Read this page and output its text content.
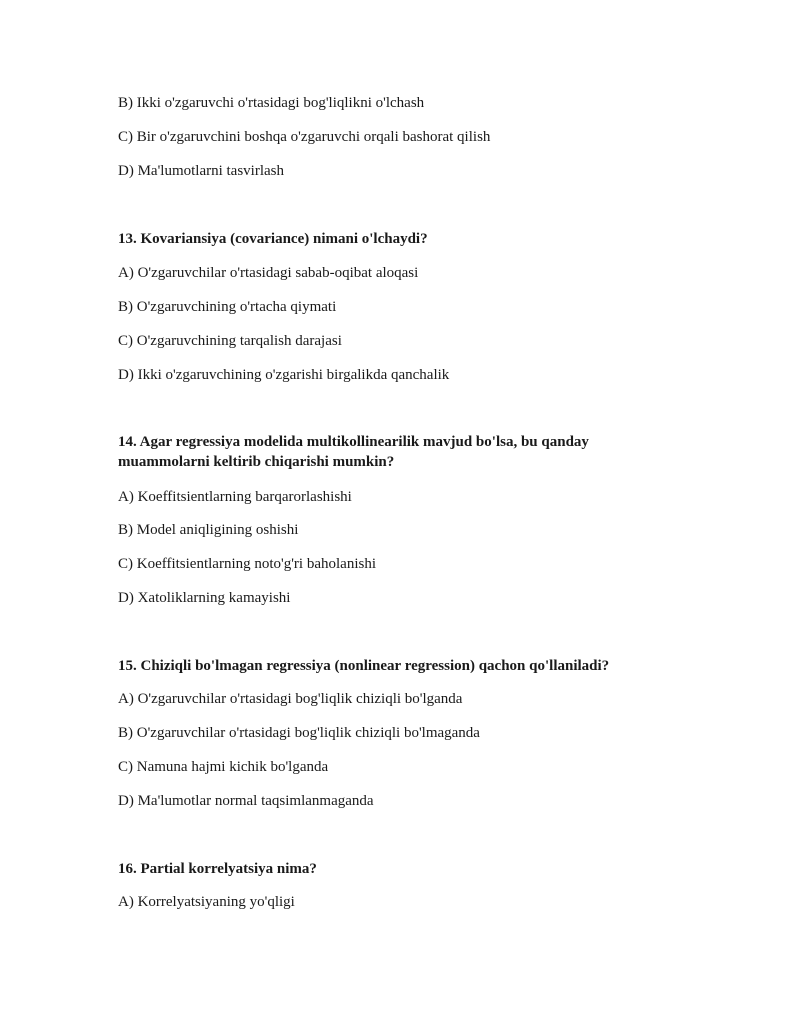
B) Ikki o'zgaruvchi o'rtasidagi bog'liqlikni o'lchash
C) Bir o'zgaruvchini boshqa o'zgaruvchi orqali bashorat qilish
D) Ma'lumotlarni tasvirlash
13. Kovariansiya (covariance) nimani o'lchaydi?
A) O'zgaruvchilar o'rtasidagi sabab-oqibat aloqasi
B) O'zgaruvchining o'rtacha qiymati
C) O'zgaruvchining tarqalish darajasi
D) Ikki o'zgaruvchining o'zgarishi birgalikda qanchalik
14. Agar regressiya modelida multikollinearilik mavjud bo'lsa, bu qanday muammolarni keltirib chiqarishi mumkin?
A) Koeffitsientlarning barqarorlashishi
B) Model aniqligining oshishi
C) Koeffitsientlarning noto'g'ri baholanishi
D) Xatoliklarning kamayishi
15. Chiziqli bo'lmagan regressiya (nonlinear regression) qachon qo'llaniladi?
A) O'zgaruvchilar o'rtasidagi bog'liqlik chiziqli bo'lganda
B) O'zgaruvchilar o'rtasidagi bog'liqlik chiziqli bo'lmaganda
C) Namuna hajmi kichik bo'lganda
D) Ma'lumotlar normal taqsimlanmaganda
16. Partial korrelyatsiya nima?
A) Korrelyatsiyaning yo'qligi
